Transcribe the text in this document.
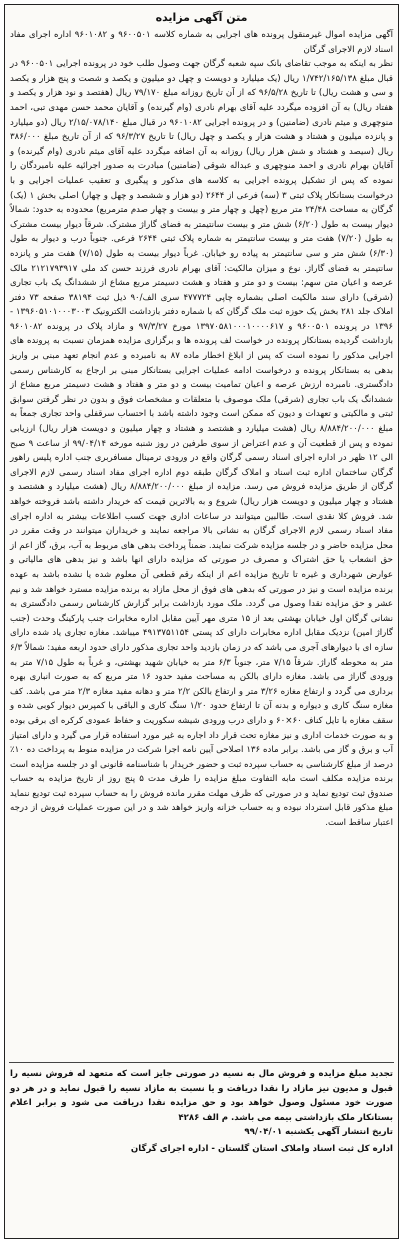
متن آگهی مزایده

آگهی مزایده اموال غیرمنقول پرونده های اجرایی به شماره کلاسه ۹۶۰۰۵۰۱ و ۹۶۰۱۰۸۲ اداره اجرای مفاد اسناد لازم الاجرای گرگان

نظر به اینکه به موجب تقاضای بانک سپه شعبه گرگان جهت وصول طلب خود در پرونده اجرایی ۹۶۰۰۵۰۱ در قبال مبلغ ۱/۷۴۲/۱۶۵/۱۳۸ ریال (یک میلیارد و دویست و چهل دو میلیون و یکصد و شصت و پنج هزار و یکصد و سی و هشت ریال) تا تاریخ ۹۶/۵/۲۸ که از آن تاریخ روزانه مبلغ ۷۹/۱۷۰ ریال (هفتصد و نود هزار و یکصد و هفتاد ریال) به آن افزوده میگردد علیه آقای بهرام نادری (وام گیرنده) و آقایان محمد حسن مهدی تبی، احمد منوچهری و میثم نادری (ضامنین) و در پرونده اجرایی ۹۶۰۱۰۸۲ در قبال مبلغ ۲/۱۵/۰۷۸/۱۴۰ ریال (دو میلیارد و پانزده میلیون و هشتاد و هشت هزار و یکصد و چهل ریال) تا تاریخ ۹۶/۳/۲۷ که از آن تاریخ مبلغ ۳۸۶/۰۰۰ ریال (سیصد و هشتاد و شش هزار ریال) روزانه به آن اضافه میگردد علیه آقای میثم نادری (وام گیرنده) و آقایان بهرام نادری و احمد منوچهری و عبداله شوقی (ضامنین) مبادرت به صدور اجرائیه علیه نامبردگان را نموده که پس از تشکیل پرونده اجرایی به کلاسه های مذکور و پیگیری و تعقیب عملیات اجرایی و با درخواست بستانکار پلاک ثبتی ۳ (سه) فرعی از ۲۶۴۴ (دو هزار و ششصد و چهل و چهار) اصلی بخش ۱ (یک) گرگان به مساحت ۲۴/۴۸ متر مربع (چهل و چهار متر و بیست و چهار صدم مترمربع) محدوده به حدود: شمالاً دیوار بیست به طول (۶/۲۰) شش متر و بیست سانتیمتر به فضای گاراژ مشترک. شرقاً دیوار بیست مشترک به طول (۷/۲۰) هفت متر و بیست سانتیمتر به شماره پلاک ثبتی ۲۶۴۴ فرعی. جنوباً درب و دیوار به طول (۶/۳۰) شش متر و سی سانتیمتر به پیاده رو خیابان. غرباً دیوار بیست به طول (۷/۱۵) هفت متر و پانزده سانتیمتر به فضای گاراژ. نوع و میزان مالکیت: آقای بهرام نادری فرزند حسن کد ملی ۲۱۲۱۷۹۳۹۱۷ مالک عرصه و اعیان متن سهم: بیست و دو متر و هفتاد و هشت دسیمتر مربع مشاع از ششدانگ یک باب تجاری (شرقی) دارای سند مالکیت اصلی بشماره چاپی ۴۷۷۷۲۴ سری الف/۹۰ ذیل ثبت ۳۸۱۹۴ صفحه ۷۳ دفتر املاک جلد ۲۸۱ بخش یک حوزه ثبت ملک گرگان که با شماره دفتر بازداشت الکترونیک ۱۳۹۶۰۵۱۰۱۰۰۰۳۰۰۳ - ۱۳۹۶ در پرونده ۹۶۰۰۵۰۱ و ۱۳۹۷۰۵۸۱۰۰۰۱۰۰۰۰۶۱۷ مورخ ۹۷/۳/۲۷ و مازاد پلاک در پرونده ۹۶۰۱۰۸۲ بازداشت گردیده بستانکار پرونده در خواست لف پرونده ها و برگزاری مزایده همزمان نسبت به پرونده های اجرایی مذکور را نموده است که پس از ابلاغ اخطار ماده ۸۷ به نامبرده و عدم انجام تعهد مبنی بر واریز بدهی به بستانکار پرونده و درخواست ادامه عملیات اجرایی بستانکار مبنی بر ارجاع به کارشناس رسمی دادگستری. نامبرده ارزش عرصه و اعیان تمامیت بیست و دو متر و هفتاد و هشت دسیمتر مربع مشاع از ششدانگ یک باب تجاری (شرقی) ملک موصوف با متعلقات و مشخصات فوق و بدون در نظر گرفتن سوابق ثبتی و مالکیتی و تعهدات و دیون که ممکن است وجود داشته باشد با احتساب سرقفلی واحد تجاری جمعاً به مبلغ ۸/۸۸۴/۲۰۰/۰۰۰ ریال (هشت میلیارد و هشتصد و هشتاد و چهار میلیون و دویست هزار ریال) ارزیابی نموده و پس از قطعیت آن و عدم اعتراض از سوی طرفین در روز شنبه مورخه ۹۹/۰۴/۱۴ از ساعت ۹ صبح الی ۱۲ ظهر در اداره اجرای اسناد رسمی گرگان واقع در ورودی ترمینال مسافربری جنب اداره پلیس راهور گرگان ساختمان اداره ثبت اسناد و املاک گرگان طبقه دوم اداره اجرای مفاد اسناد رسمی لازم الاجرای گرگان از طریق مزایده فروش می رسد. مزایده از مبلغ ۸/۸۸۴/۲۰۰/۰۰۰ ریال (هشت میلیارد و هشتصد و هشتاد و چهار میلیون و دویست هزار ریال) شروع و به بالاترین قیمت که خریدار داشته باشد فروخته خواهد شد. فروش کلا نقدی است. طالبین میتوانند در ساعات اداری جهت کسب اطلاعات بیشتر به اداره اجرای مفاد اسناد رسمی لازم الاجرای گرگان به نشانی بالا مراجعه نمایند و خریداران میتوانند در وقت مقرر در محل مزایده حاضر و در جلسه مزایده شرکت نمایند. ضمناً پرداخت بدهی های مربوط به آب، برق، گاز اعم از حق انشعاب یا حق اشتراک و مصرف در صورتی که مزایده دارای انها باشد و نیز بدهی های مالیاتی و عوارض شهرداری و غیره تا تاریخ مزایده اعم از اینکه رقم قطعی آن معلوم شده یا نشده باشد به عهده برنده مزایده است و نیز در صورتی که بدهی های فوق از محل مازاد به برنده مزایده مسترد خواهد شد و نیم عشر و حق مزایده نقدا وصول می گردد. ملک مورد بازداشت برابر گزارش کارشناس رسمی دادگستری به نشانی گرگان اول خیابان بهشتی بعد از ۱۵ متری مهر آیین مقابل اداره مخابرات جنب پارکینگ وحدت (جنب گاراژ امین) نزدیک مقابل اداره مخابرات دارای کد پستی ۴۹۱۳۷۵۱۱۵۴ میباشد. مغازه تجاری یاد شده دارای سازه ای با دیوارهای آجری می باشد که در زمان بازدید واحد تجاری مذکور دارای حدود اربعه مفید: شمالاً ۶/۳ متر به محوطه گاراژ. شرقاً ۷/۱۵ متر، جنوباً ۶/۳ متر به خیابان شهید بهشتی، و غرباً به طول ۷/۱۵ متر به ورودی گاراژ می باشد. مغازه دارای بالکن به مساحت مفید حدود ۱۶ متر مربع که به صورت انباری بهره برداری می گردد و ارتفاع مغازه ۳/۲۶ متر و ارتفاع بالکن ۲/۲ متر و دهانه مفید مغازه ۲/۳ متر می باشد. کف مغازه سنگ کاری و دیواره و بدنه آن تا ارتفاع حدود ۱/۲۰ سنگ کاری و الباقی با کمپرس دیوار کوبی شده و سقف مغازه با تایل کناف ۶۰×۶۰ و دارای درب ورودی شیشه سکوریت و حفاظ عمودی کرکره ای برقی بوده و به صورت خدمات اداری و نیز مغازه تحت قرار داد اجاره به غیر مورد استفاده قرار می گیرد و دارای امتیاز آب و برق و گاز می باشد. برابر ماده ۱۳۶ اصلاحی آیین نامه اجرا شرکت در مزایده منوط به پرداخت ده ۱۰٪ درصد از مبلغ کارشناسی به حساب سپرده ثبت و حضور خریدار با شناسنامه قانونی او در جلسه مزایده است برنده مزایده مکلف است مابه التفاوت مبلغ مزایده را ظرف مدت ۵ پنج روز از تاریخ مزایده به حساب صندوق ثبت تودیع نماید و در صورتی که ظرف مهلت مقرر مانده فروش را به حساب سپرده ثبت تودیع ننماید مبلغ مذکور قابل استرداد نبوده و به حساب خزانه واریز خواهد شد و در این صورت عملیات فروش از درجه اعتبار ساقط است.

تجدید مبلغ مزایده و فروش مال به نسیه در صورتی جایز است که متعهد له فروش نسیه را قبول و مدیون نیز مازاد را نقدا دریافت و یا نسبت به مازاد نسیه را قبول نماید و در هر دو صورت خود مسئول وصول خواهد بود و حق مزایده نقدا دریافت می شود و برابر اعلام بستانکار ملک بازداشتی بیمه می باشد. م الف ۴۲۸۶

تاریخ انتشار آگهی یکشنبه ۹۹/۰۴/۰۱

اداره کل ثبت اسناد واملاک استان گلستان - اداره اجرای گرگان
